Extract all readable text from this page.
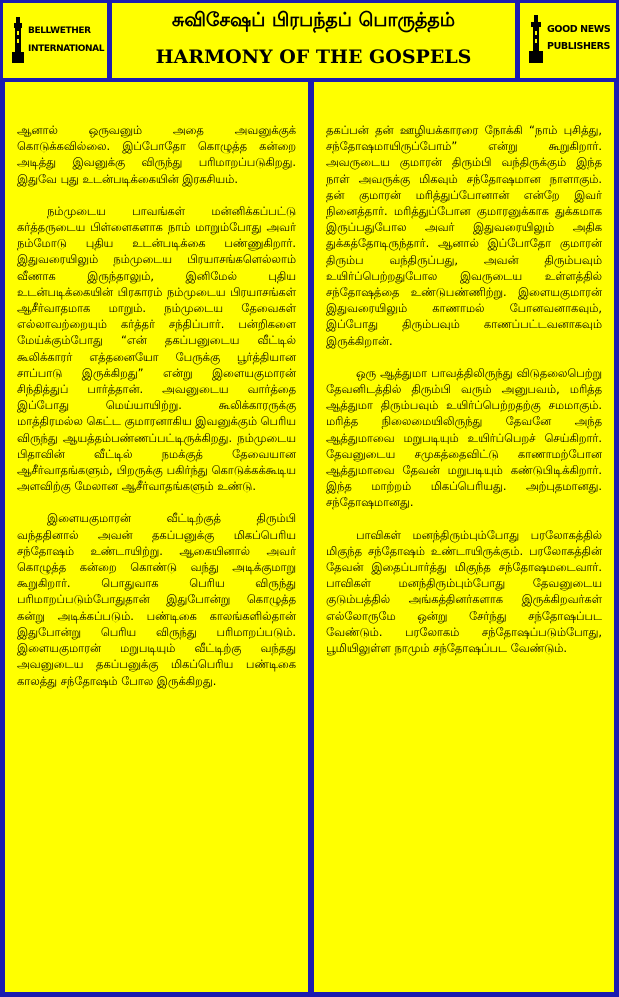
BELLWETHER
INTERNATIONAL
சுவிசேஷப் பிரபந்தப் பொருத்தம்
HARMONY OF THE GOSPELS
GOOD NEWS
PUBLISHERS

ஆனால் ஒருவனும் அதை அவனுக்குக் கொடுக்கவில்லை. இப்போதோ கொழுத்த கன்றை அடித்து இவனுக்கு விருந்து பரிமாறப்படுகிறது. இதுவே புது உடன்படிக்கையின் இரகசியம்.

நம்முடைய பாவங்கள் மன்னிக்கப்பட்டு கர்த்தருடைய பிள்ளைகளாக நாம் மாறும்போது அவர் நம்மோடு புதிய உடன்படிக்கை பண்ணுகிறார். இதுவரையிலும் நம்முடைய பிரயாசங்களெல்லாம் வீணாக இருந்தாலும், இனிமேல் புதிய உடன்படிக்கையின் பிரகாரம் நம்முடைய பிரயாசங்கள் ஆசீர்வாதமாக மாறும். நம்முடைய தேவைகள் எல்லாவற்றையும் கர்த்தர் சந்திப்பார். பன்றிகளை மேய்க்கும்போது “என் தகப்பனுடைய வீட்டில் கூலிக்காரர் எத்தனையோ பேருக்கு பூர்த்தியான சாப்பாடு இருக்கிறது” என்று இளையகுமாரன் சிந்தித்துப் பார்த்தான். அவனுடைய வார்த்தை இப்போது மெய்யாயிற்று. கூலிக்காரருக்கு மாத்திரமல்ல கெட்ட குமாரனாகிய இவனுக்கும் பெரிய விருந்து ஆயத்தம்பண்ணப்பட்டிருக்கிறது. நம்முடைய பிதாவின் வீட்டில் நமக்குத் தேவையான ஆசீர்வாதங்களும், பிறருக்கு பகிர்ந்து கொடுக்கக்கூடிய அளவிற்கு மேலான ஆசீர்வாதங்களும் உண்டு.

இளையகுமாரன் வீட்டிற்குத் திரும்பி வந்ததினால் அவன் தகப்பனுக்கு மிகப்பெரிய சந்தோஷம் உண்டாயிற்று. ஆகையினால் அவர் கொழுத்த கன்றை கொண்டு வந்து அடிக்குமாறு கூறுகிறார். பொதுவாக பெரிய விருந்து பரிமாறப்படும்போதுதான் இதுபோன்று கொழுத்த கன்று அடிக்கப்படும். பண்டிகை காலங்களில்தான் இதுபோன்று பெரிய விருந்து பரிமாறப்படும். இளையகுமாரன் மறுபடியும் வீட்டிற்கு வந்தது அவனுடைய தகப்பனுக்கு மிகப்பெரிய பண்டிகை காலத்து சந்தோஷம் போல இருக்கிறது.

தகப்பன் தன் ஊழியக்காரரை நோக்கி “நாம் புசித்து, சந்தோஷமாயிருப்போம்” என்று கூறுகிறார். அவருடைய குமாரன் திரும்பி வந்திருக்கும் இந்த நாள் அவருக்கு மிகவும் சந்தோஷமான நாளாகும். தன் குமாரன் மரித்துப்போனான் என்றே இவர் நினைத்தார். மரித்துப்போன குமாரனுக்காக துக்கமாக இருப்பதுபோல அவர் இதுவரையிலும் அதிக துக்கத்தோடிருந்தார். ஆனால் இப்போதோ குமாரன் திரும்ப வந்திருப்பது, அவன் திரும்பவும் உயிர்ப்பெற்றதுபோல இவருடைய உள்ளத்தில் சந்தோஷத்தை உண்டுபண்ணிற்று. இளையகுமாரன் இதுவரையிலும் காணாமல் போனவனாகவும், இப்போது திரும்பவும் காணப்பட்டவனாகவும் இருக்கிறான்.

ஒரு ஆத்துமா பாவத்திலிருந்து விடுதலைபெற்று தேவனிடத்தில் திரும்பி வரும் அனுபவம், மரித்த ஆத்துமா திரும்பவும் உயிர்ப்பெற்றதற்கு சமமாகும். மரித்த நிலைமையிலிருந்து தேவனே அந்த ஆத்துமாவை மறுபடியும் உயிர்ப்பெறச் செய்கிறார். தேவனுடைய சமுகத்தைவிட்டு காணாமற்போன ஆத்துமாவை தேவன் மறுபடியும் கண்டுபிடிக்கிறார். இந்த மாற்றம் மிகப்பெரியது. அற்புதமானது. சந்தோஷமானது.

பாவிகள் மனந்திரும்பும்போது பரலோகத்தில் மிகுந்த சந்தோஷம் உண்டாயிருக்கும். பரலோகத்தின் தேவன் இதைப்பார்த்து மிகுந்த சந்தோஷமடைவார். பாவிகள் மனந்திரும்பும்போது தேவனுடைய குடும்பத்தில் அங்கத்தினர்களாக இருக்கிறவர்கள் எல்லோருமே ஒன்று சேர்ந்து சந்தோஷப்பட வேண்டும். பரலோகம் சந்தோஷப்படும்போது, பூமியிலுள்ள நாமும் சந்தோஷப்பட வேண்டும்.
